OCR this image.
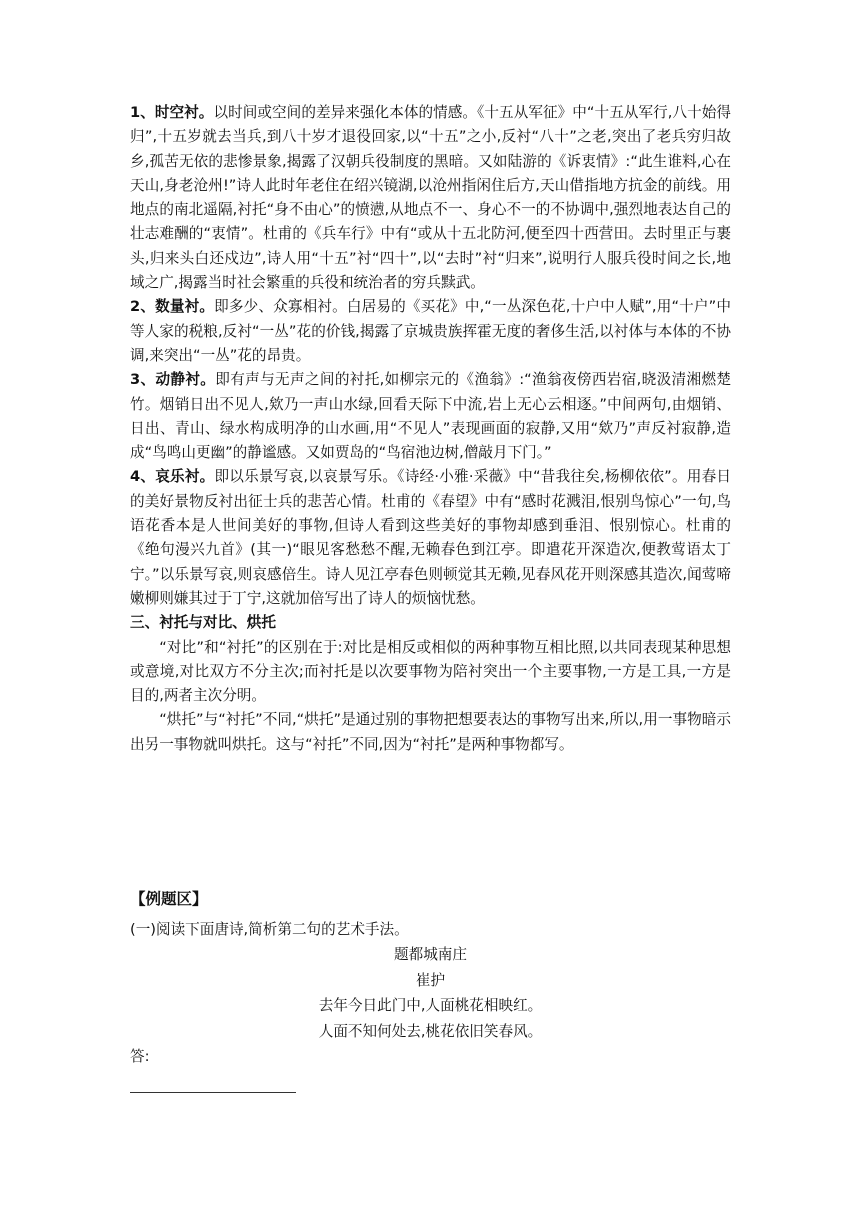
1、时空衬。以时间或空间的差异来强化本体的情感。《十五从军征》中“十五从军行,八十始得归”,十五岁就去当兵,到八十岁才退役回家,以“十五”之小,反衬“八十”之老,突出了老兵穷归故乡,孤苦无依的悲惨景象,揭露了汉朝兵役制度的黑暗。又如陆游的《诉衷情》:“此生谁料,心在天山,身老沧州!”诗人此时年老住在绍兴镜湖,以沧州指闲住后方,天山借指地方抗金的前线。用地点的南北遥隔,衬托“身不由心”的愤懑,从地点不一、身心不一的不协调中,强烈地表达自己的壮志难酬的“衷情”。杜甫的《兵车行》中有“或从十五北防河,便至四十西营田。去时里正与裹头,归来头白还戍边”,诗人用“十五”衬“四十”,以“去时”衬“归来”,说明行人服兵役时间之长,地域之广,揭露当时社会繁重的兵役和统治者的穷兵黩武。

2、数量衬。即多少、众寡相衬。白居易的《买花》中,“一丛深色花,十户中人赋”,用“十户”中等人家的税粮,反衬“一丛”花的价钱,揭露了京城贵族挥霍无度的奢侈生活,以衬体与本体的不协调,来突出“一丛”花的昂贵。

3、动静衬。即有声与无声之间的衬托,如柳宗元的《渔翁》:“渔翁夜傍西岩宿,晓汲清湘燃楚竹。烟销日出不见人,欸乃一声山水绿,回看天际下中流,岩上无心云相逐。”中间两句,由烟销、日出、青山、绿水构成明净的山水画,用“不见人”表现画面的寂静,又用“欸乃”声反衬寂静,造成“鸟鸣山更幽”的静谧感。又如贾岛的“鸟宿池边树,僧敲月下门。”

4、哀乐衬。即以乐景写哀,以哀景写乐。《诗经·小雅·采薇》中“昔我往矣,杨柳依依”。用春日的美好景物反衬出征士兵的悲苦心情。杜甫的《春望》中有“感时花溅泪,恨别鸟惊心”一句,鸟语花香本是人世间美好的事物,但诗人看到这些美好的事物却感到垂泪、恨别惊心。杜甫的《绝句漫兴九首》(其一)“眼见客愁愁不醒,无赖春色到江亭。即遣花开深造次,便教莺语太丁宁。”以乐景写哀,则哀感倍生。诗人见江亭春色则顿觉其无赖,见春风花开则深感其造次,闻莺啼嫩柳则嫌其过于丁宁,这就加倍写出了诗人的烦恼忧愁。

三、衬托与对比、烘托

“对比”和“衬托”的区别在于:对比是相反或相似的两种事物互相比照,以共同表现某种思想或意境,对比双方不分主次;而衬托是以次要事物为陪衬突出一个主要事物,一方是工具,一方是目的,两者主次分明。

“烘托”与“衬托”不同,“烘托”是通过别的事物把想要表达的事物写出来,所以,用一事物暗示出另一事物就叫烘托。这与“衬托”不同,因为“衬托”是两种事物都写。

【例题区】

(一)阅读下面唐诗,简析第二句的艺术手法。

题都城南庄

崔护

去年今日此门中,人面桃花相映红。

人面不知何处去,桃花依旧笑春风。

答:
